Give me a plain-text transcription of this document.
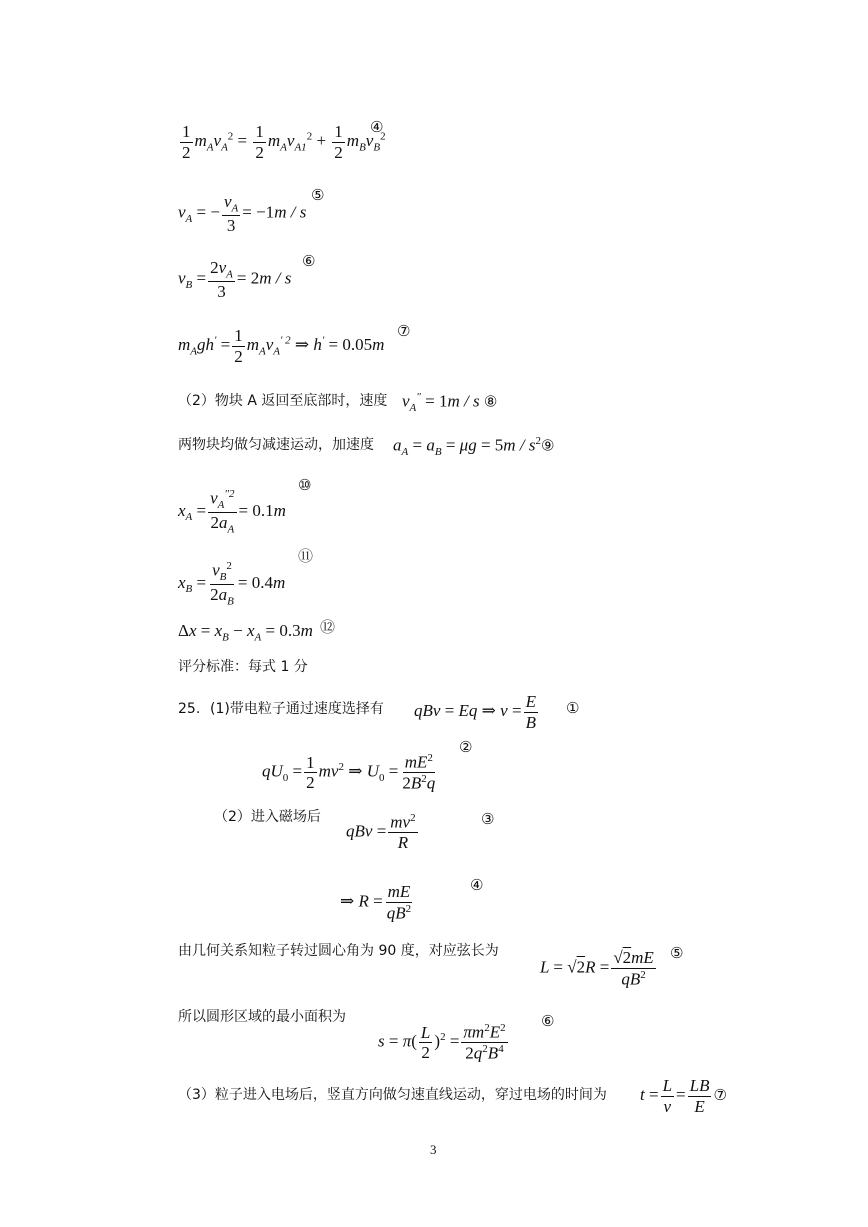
$\frac{1}{2} m_Av_A^2 = \frac{1}{2} m_Av_{A1}^2 + \frac{1}{2} m_Bv_B^2$
④
$v_A$ = − $\frac{v_A}{3} = -1m / s$
⑤
$v_B = \frac{2v_A}{3} = 2m / s$
⑥
$m_Agh' = \frac{1}{2} m_Av_A^{' 2}$ ⇒ h' = 0.05m
⑦
（2）物块 A 返回至底部时，速度 $v_A^" = 1m / s$ ⑧
两物块均做匀减速运动，加速度 $a_A = a_B = \mu g = 5m$ / $s^2⑨$
$x_A = \frac{v_A^{"2}}{2a_A} = 0.1m$
⑩
$x_B = \frac{v_B^2}{2a_B} = 0.4m$
⑪
$\Delta x = x_B - x_A = 0.3m$ ⑫
评分标准：每式 1 分
25. (1)带电粒子通过速度选择有 qBv = Eq ⇒ $v = \frac{E}{B}$ ①
$qU_0 = \frac{1}{2} mv^2$ ⇒ $U_0 = \frac{mE^2}{2B^2q}$
②
（2）进入磁场后
qBv = $\frac{mv^2}{R}$	③
⇒ $R = \frac{mE}{qB^2}$	④
由几何关系知粒子转过圆心角为 90 度，对应弦长为
$L = √2R = \frac{√2mE}{qB^2}$ ⑤
所以圆形区域的最小面积为
$s = \pi( \frac{L}{2} )^2 = \frac{\pi m^2E^2}{2q^2B^4}$
⑥
（3）粒子进入电场后，竖直方向做匀速直线运动，穿过电场的时间为 $t = \frac{L}{v} = \frac{LB}{E}$ ⑦
3
